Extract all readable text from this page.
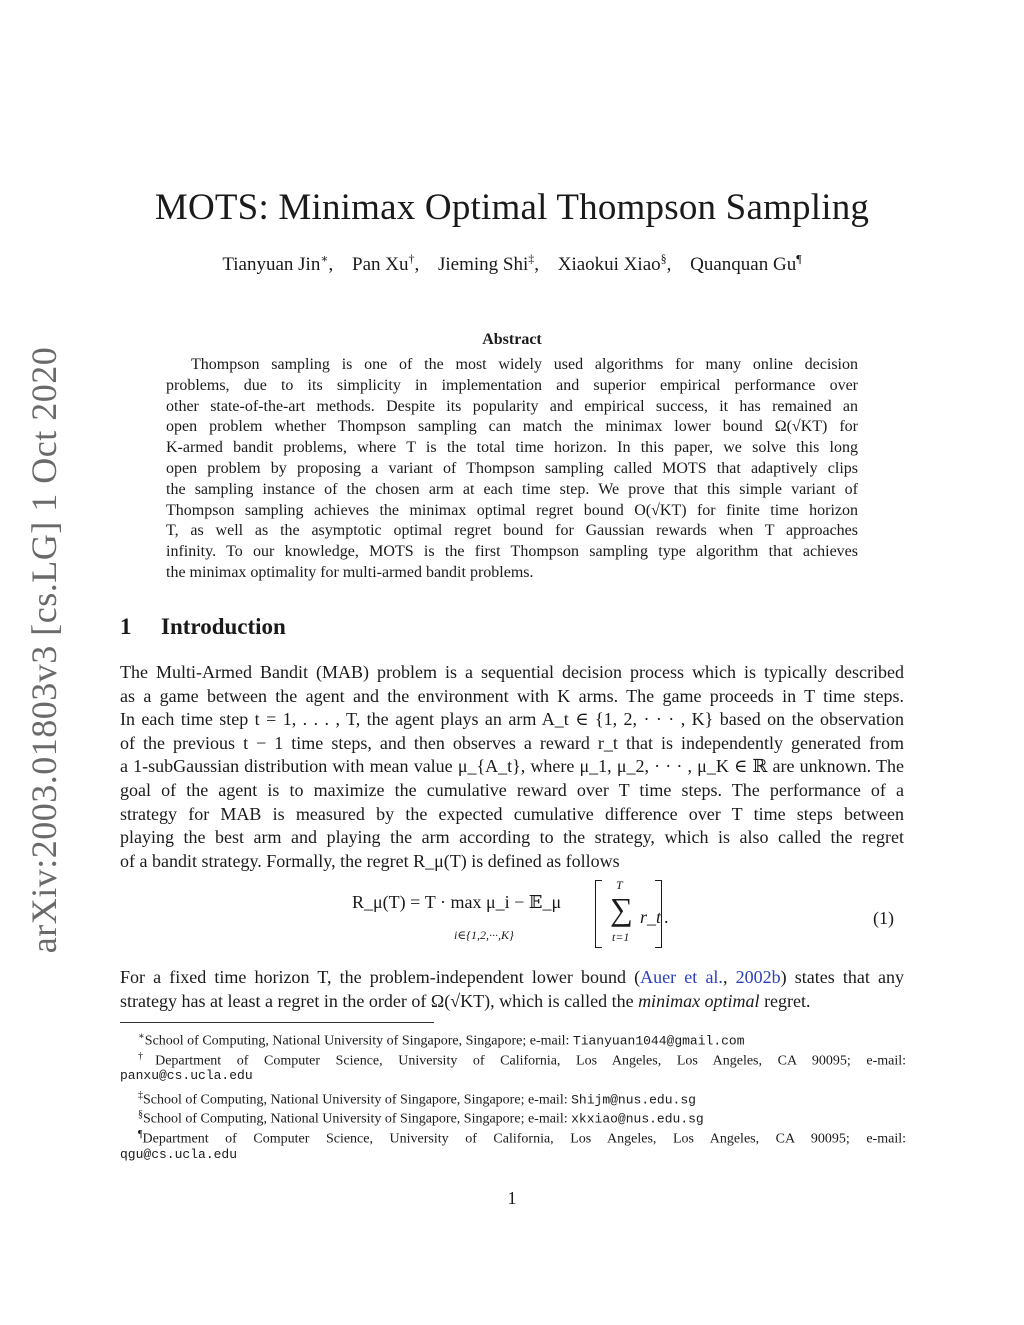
arXiv:2003.01803v3 [cs.LG] 1 Oct 2020
MOTS: Minimax Optimal Thompson Sampling
Tianyuan Jin∗, Pan Xu†, Jieming Shi‡, Xiaokui Xiao§, Quanquan Gu¶
Abstract
Thompson sampling is one of the most widely used algorithms for many online decision
problems, due to its simplicity in implementation and superior empirical performance over
other state-of-the-art methods. Despite its popularity and empirical success, it has remained an
open problem whether Thompson sampling can match the minimax lower bound Ω(√KT) for
K-armed bandit problems, where T is the total time horizon. In this paper, we solve this long
open problem by proposing a variant of Thompson sampling called MOTS that adaptively clips
the sampling instance of the chosen arm at each time step. We prove that this simple variant of
Thompson sampling achieves the minimax optimal regret bound O(√KT) for finite time horizon
T, as well as the asymptotic optimal regret bound for Gaussian rewards when T approaches
infinity. To our knowledge, MOTS is the first Thompson sampling type algorithm that achieves
the minimax optimality for multi-armed bandit problems.
1 Introduction
The Multi-Armed Bandit (MAB) problem is a sequential decision process which is typically described
as a game between the agent and the environment with K arms. The game proceeds in T time steps.
In each time step t = 1, . . . , T, the agent plays an arm A_t ∈ {1, 2, · · · , K} based on the observation
of the previous t − 1 time steps, and then observes a reward r_t that is independently generated from
a 1-subGaussian distribution with mean value μ_{A_t}, where μ_1, μ_2, · · · , μ_K ∈ ℝ are unknown. The
goal of the agent is to maximize the cumulative reward over T time steps. The performance of a
strategy for MAB is measured by the expected cumulative difference over T time steps between
playing the best arm and playing the arm according to the strategy, which is also called the regret
of a bandit strategy. Formally, the regret R_μ(T) is defined as follows
R_μ(T) = T · max μ_i − 𝔼_μ
i∈{1,2,···,K}
T
∑
t=1
r_t .	(1)
For a fixed time horizon T, the problem-independent lower bound (Auer et al., 2002b) states that any
strategy has at least a regret in the order of Ω(√KT), which is called the minimax optimal regret.
∗School of Computing, National University of Singapore, Singapore; e-mail: Tianyuan1044@gmail.com
†Department of Computer Science, University of California, Los Angeles, Los Angeles, CA 90095; e-mail:
panxu@cs.ucla.edu
‡School of Computing, National University of Singapore, Singapore; e-mail: Shijm@nus.edu.sg
§School of Computing, National University of Singapore, Singapore; e-mail: xkxiao@nus.edu.sg
¶Department of Computer Science, University of California, Los Angeles, Los Angeles, CA 90095; e-mail:
qgu@cs.ucla.edu
1
